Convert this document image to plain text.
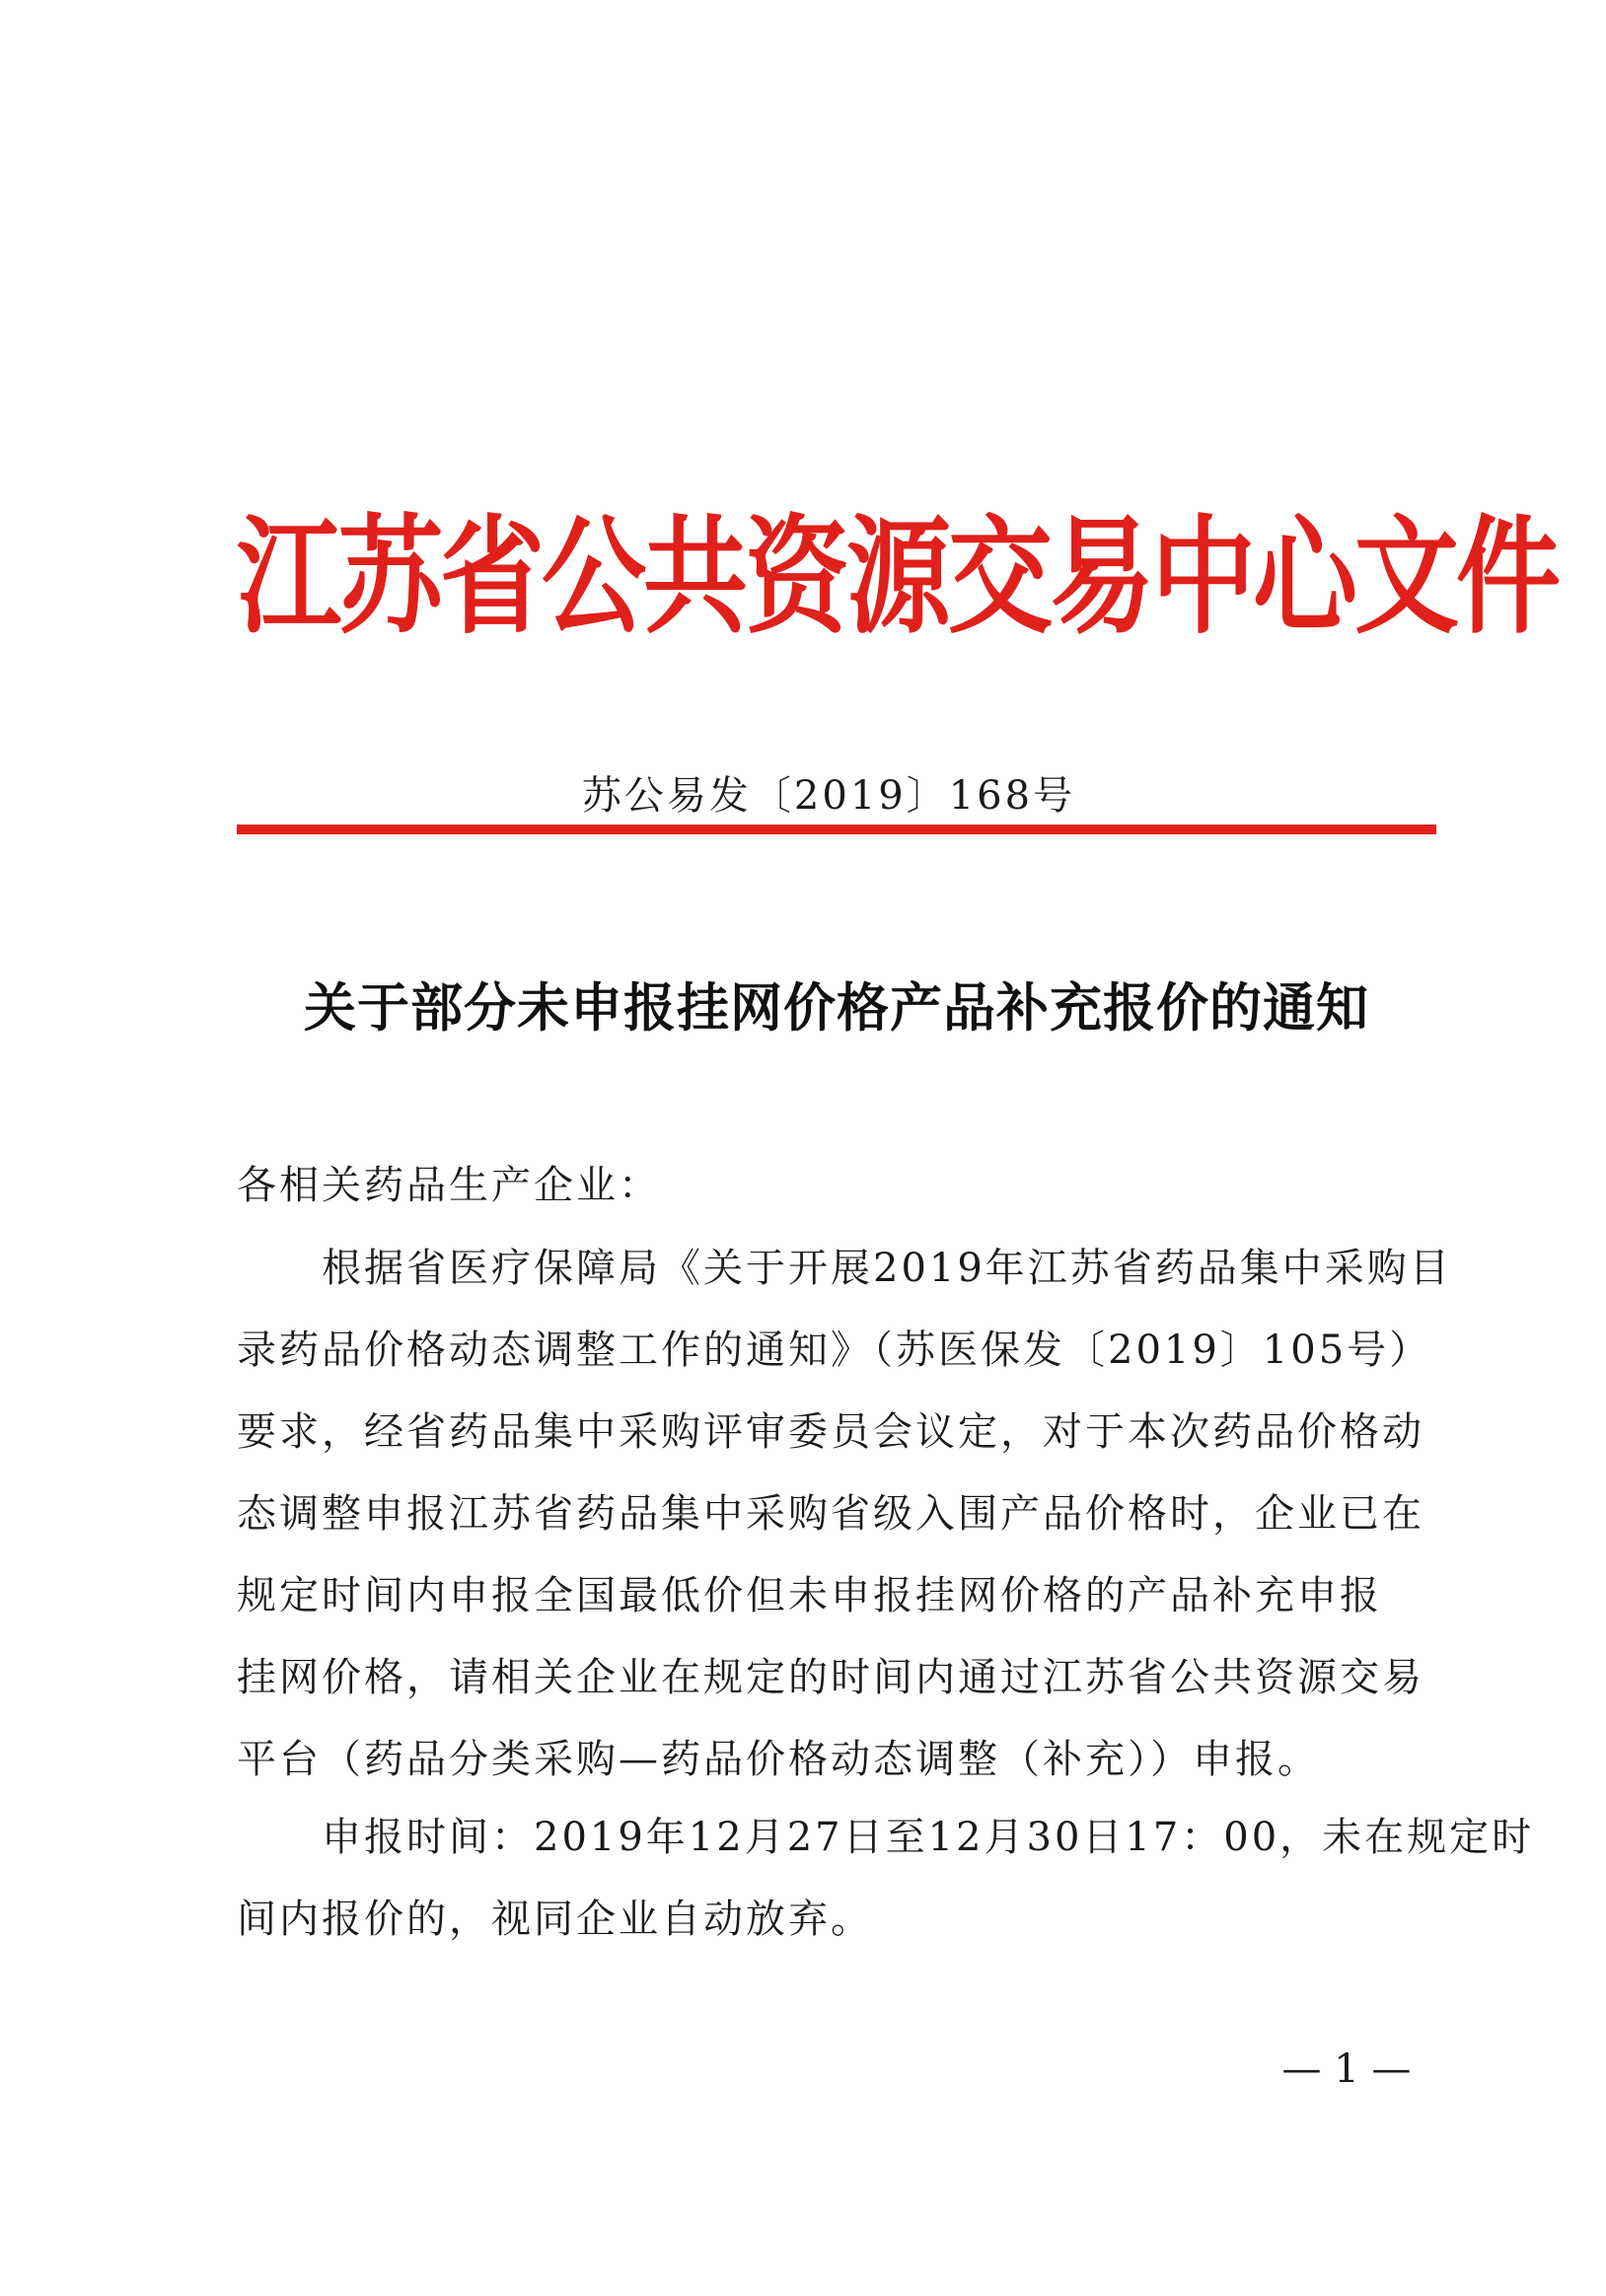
江苏省公共资源交易中心文件
苏公易发〔2019〕168号
关于部分未申报挂网价格产品补充报价的通知
各相关药品生产企业：
　　根据省医疗保障局《关于开展2019年江苏省药品集中采购目
录药品价格动态调整工作的通知》（苏医保发〔2019〕105号）
要求，经省药品集中采购评审委员会议定，对于本次药品价格动
态调整申报江苏省药品集中采购省级入围产品价格时，企业已在
规定时间内申报全国最低价但未申报挂网价格的产品补充申报
挂网价格，请相关企业在规定的时间内通过江苏省公共资源交易
平台（药品分类采购—药品价格动态调整（补充））申报。
　　申报时间：2019年12月27日至12月30日17：00，未在规定时
间内报价的，视同企业自动放弃。
— 1 —
